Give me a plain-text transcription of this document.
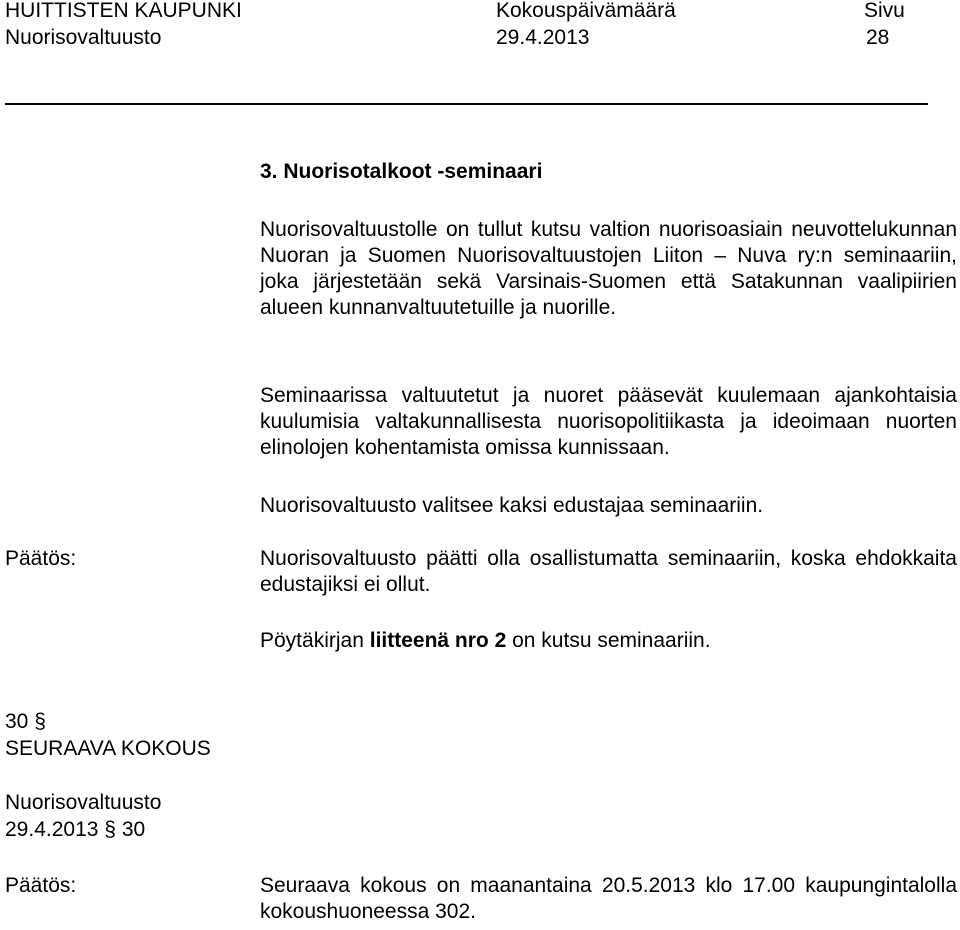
HUITTISTEN KAUPUNKI
Nuorisovaltuusto
Kokouspäivämäärä
29.4.2013
Sivu
28
3. Nuorisotalkoot -seminaari

Nuorisovaltuustolle on tullut kutsu valtion nuorisoasiain neuvottelukunnan Nuoran ja Suomen Nuorisovaltuustojen Liiton – Nuva ry:n seminaariin, joka järjestetään sekä Varsinais-Suomen että Satakunnan vaalipiirien alueen kunnanvaltuutetuille ja nuorille.

Seminaarissa valtuutetut ja nuoret pääsevät kuulemaan ajankohtaisia kuulumisia valtakunnallisesta nuorisopolitiikasta ja ideoimaan nuorten elinolojen kohentamista omissa kunnissaan.

Nuorisovaltuusto valitsee kaksi edustajaa seminaariin.

Päätös:	Nuorisovaltuusto päätti olla osallistumatta seminaariin, koska ehdokkaita edustajiksi ei ollut.

Pöytäkirjan liitteenä nro 2 on kutsu seminaariin.
30 §
SEURAAVA KOKOUS
Nuorisovaltuusto
29.4.2013 § 30
Päätös:	Seuraava kokous on maanantaina 20.5.2013 klo 17.00 kaupungintalolla kokoushuoneessa 302.
